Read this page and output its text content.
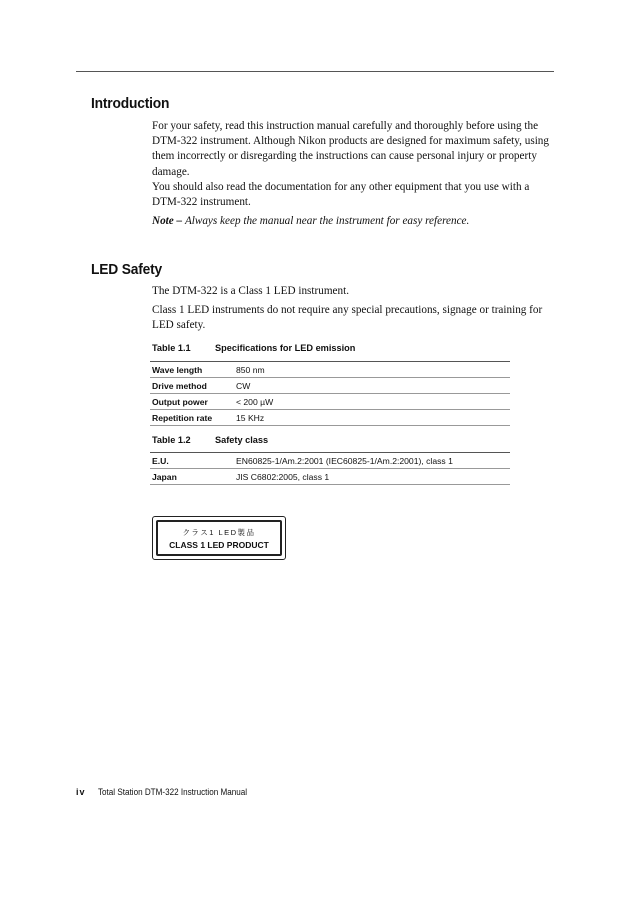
Introduction

For your safety, read this instruction manual carefully and thoroughly before using the DTM-322 instrument. Although Nikon products are designed for maximum safety, using them incorrectly or disregarding the instructions can cause personal injury or property damage.

You should also read the documentation for any other equipment that you use with a DTM-322 instrument.

Note – Always keep the manual near the instrument for easy reference.

LED Safety

The DTM-322 is a Class 1 LED instrument.

Class 1 LED instruments do not require any special precautions, signage or training for LED safety.

Table 1.1	Specifications for LED emission
Wave length	850 nm
Drive method	CW
Output power	< 200 µW
Repetition rate	15 KHz
Table 1.2	Safety class
E.U.	EN60825-1/Am.2:2001 (IEC60825-1/Am.2:2001), class 1
Japan	JIS C6802:2005, class 1
クラス1 LED製品
CLASS 1 LED PRODUCT
iv Total Station DTM-322 Instruction Manual
